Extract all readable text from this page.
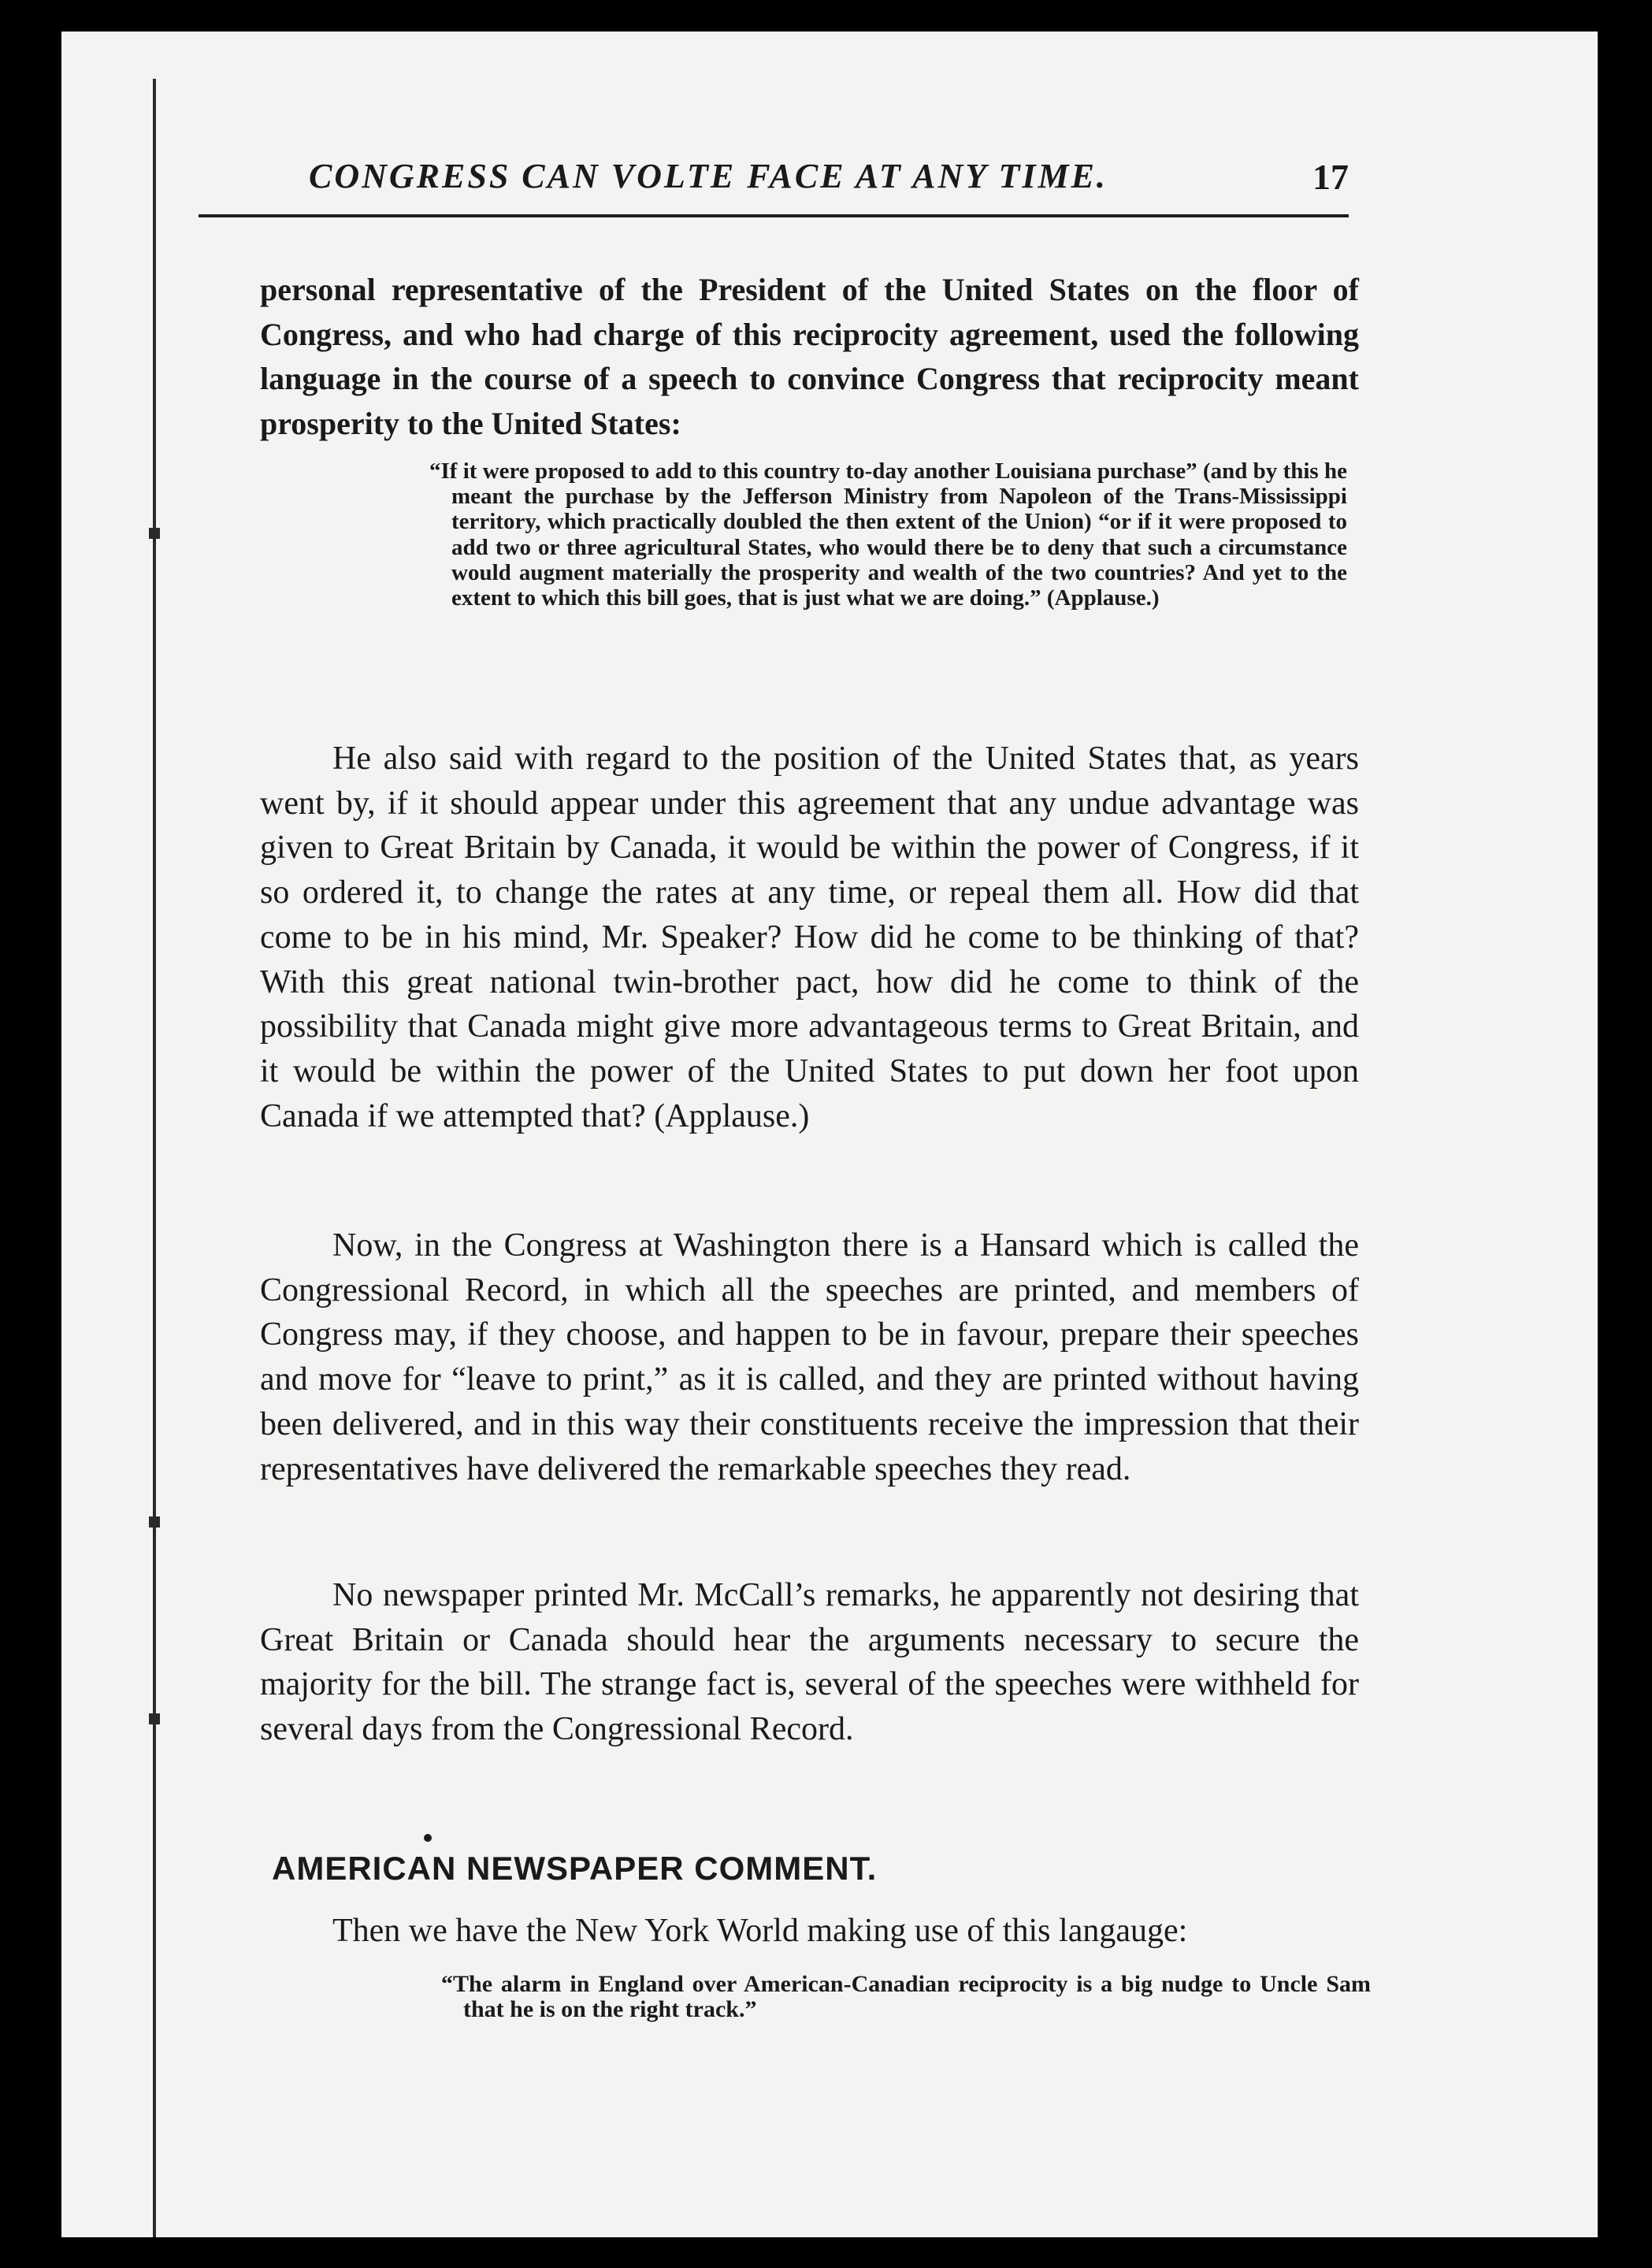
CONGRESS CAN VOLTE FACE AT ANY TIME.	17

personal representative of the President of the United States on the floor of Congress, and who had charge of this reciprocity agreement, used the following language in the course of a speech to convince Congress that reciprocity meant prosperity to the United States:

“If it were proposed to add to this country to-day another Louisiana purchase” (and by this he meant the purchase by the Jefferson Ministry from Napoleon of the Trans-Mississippi territory, which practically doubled the then extent of the Union) “or if it were proposed to add two or three agricultural States, who would there be to deny that such a circumstance would augment materially the prosperity and wealth of the two countries? And yet to the extent to which this bill goes, that is just what we are doing.” (Applause.)

He also said with regard to the position of the United States that, as years went by, if it should appear under this agreement that any undue advantage was given to Great Britain by Canada, it would be within the power of Congress, if it so ordered it, to change the rates at any time, or repeal them all. How did that come to be in his mind, Mr. Speaker? How did he come to be thinking of that? With this great national twin-brother pact, how did he come to think of the possibility that Canada might give more advantageous terms to Great Britain, and it would be within the power of the United States to put down her foot upon Canada if we attempted that? (Applause.)

Now, in the Congress at Washington there is a Hansard which is called the Congressional Record, in which all the speeches are printed, and members of Congress may, if they choose, and happen to be in favour, prepare their speeches and move for “leave to print,” as it is called, and they are printed without having been delivered, and in this way their constituents receive the impression that their representatives have delivered the remarkable speeches they read.

No newspaper printed Mr. McCall’s remarks, he apparently not desiring that Great Britain or Canada should hear the arguments necessary to secure the majority for the bill. The strange fact is, several of the speeches were withheld for several days from the Congressional Record.

AMERICAN NEWSPAPER COMMENT.

Then we have the New York World making use of this langauge:

“The alarm in England over American-Canadian reciprocity is a big nudge to Uncle Sam that he is on the right track.”
